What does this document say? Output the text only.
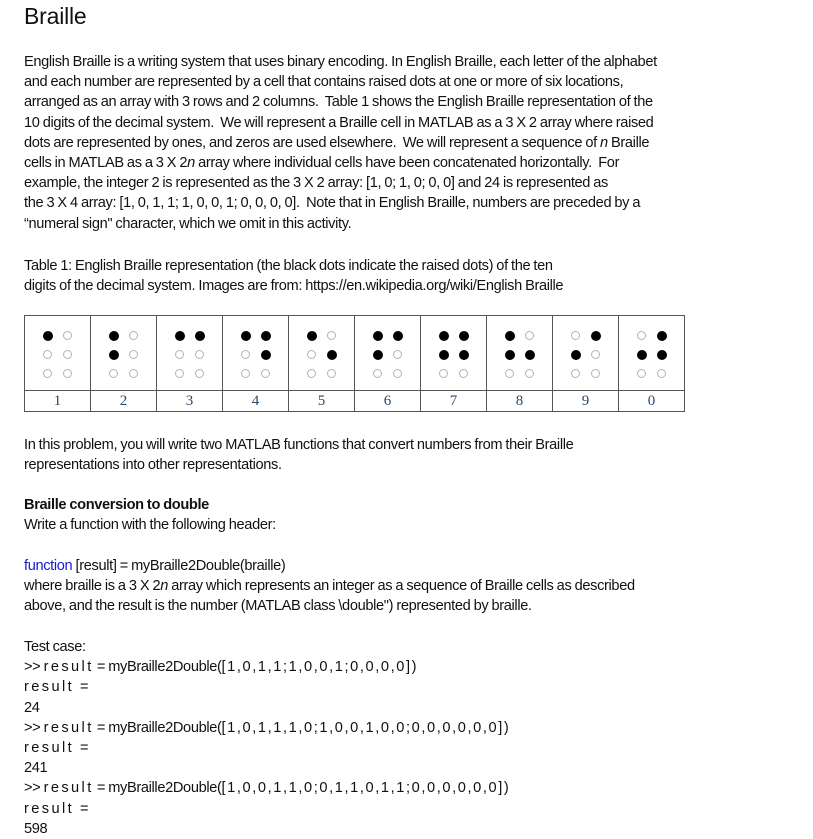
Braille
English Braille is a writing system that uses binary encoding. In English Braille, each letter of the alphabet
and each number are represented by a cell that contains raised dots at one or more of six locations,
arranged as an array with 3 rows and 2 columns.  Table 1 shows the English Braille representation of the
10 digits of the decimal system.  We will represent a Braille cell in MATLAB as a 3 X 2 array where raised
dots are represented by ones, and zeros are used elsewhere.  We will represent a sequence of n Braille
cells in MATLAB as a 3 X 2n array where individual cells have been concatenated horizontally.  For
example, the integer 2 is represented as the 3 X 2 array: [1, 0; 1, 0; 0, 0] and 24 is represented as
the 3 X 4 array: [1, 0, 1, 1; 1, 0, 0, 1; 0, 0, 0, 0].  Note that in English Braille, numbers are preceded by a
“numeral sign" character, which we omit in this activity.
Table 1: English Braille representation (the black dots indicate the raised dots) of the ten
digits of the decimal system. Images are from: https://en.wikipedia.org/wiki/English Braille

1	2	3	4	5	6	7	8	9	0
In this problem, you will write two MATLAB functions that convert numbers from their Braille
representations into other representations.
Braille conversion to double
Write a function with the following header:
function [result] = myBraille2Double(braille)
where braille is a 3 X 2n array which represents an integer as a sequence of Braille cells as described
above, and the result is the number (MATLAB class \double") represented by braille.
Test case:
>> result = myBraille2Double([1,0,1,1;1,0,0,1;0,0,0,0])
result =
24
>> result = myBraille2Double([1,0,1,1,1,0;1,0,0,1,0,0;0,0,0,0,0,0])
result =
241
>> result = myBraille2Double([1,0,0,1,1,0;0,1,1,0,1,1;0,0,0,0,0,0])
result =
598
